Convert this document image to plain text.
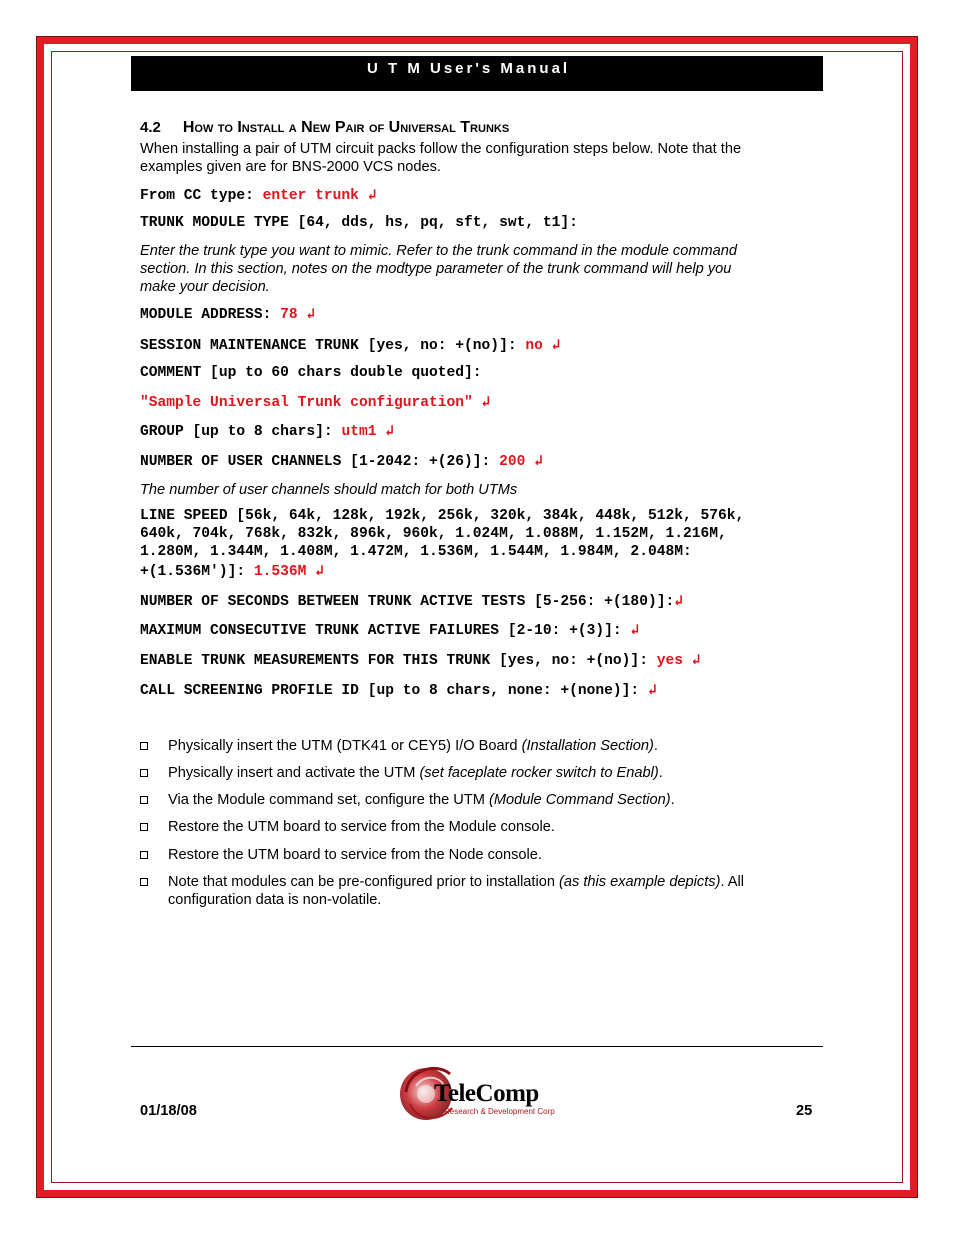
U T M User's Manual
4.2 How to Install a New Pair of Universal Trunks
When installing a pair of UTM circuit packs follow the configuration steps below. Note that the
examples given are for BNS-2000 VCS nodes.
From CC type: enter trunk ↲
TRUNK MODULE TYPE [64, dds, hs, pq, sft, swt, t1]:
Enter the trunk type you want to mimic. Refer to the trunk command in the module command
section. In this section, notes on the modtype parameter of the trunk command will help you
make your decision.
MODULE ADDRESS: 78 ↲
SESSION MAINTENANCE TRUNK [yes, no: +(no)]: no ↲
COMMENT [up to 60 chars double quoted]:
"Sample Universal Trunk configuration" ↲
GROUP [up to 8 chars]: utm1 ↲
NUMBER OF USER CHANNELS [1-2042: +(26)]: 200 ↲
The number of user channels should match for both UTMs
LINE SPEED [56k, 64k, 128k, 192k, 256k, 320k, 384k, 448k, 512k, 576k,
640k, 704k, 768k, 832k, 896k, 960k, 1.024M, 1.088M, 1.152M, 1.216M,
1.280M, 1.344M, 1.408M, 1.472M, 1.536M, 1.544M, 1.984M, 2.048M:
+(1.536M')]: 1.536M ↲
NUMBER OF SECONDS BETWEEN TRUNK ACTIVE TESTS [5-256: +(180)]:↲
MAXIMUM CONSECUTIVE TRUNK ACTIVE FAILURES [2-10: +(3)]: ↲
ENABLE TRUNK MEASUREMENTS FOR THIS TRUNK [yes, no: +(no)]: yes ↲
CALL SCREENING PROFILE ID [up to 8 chars, none: +(none)]: ↲
Physically insert the UTM (DTK41 or CEY5) I/O Board (Installation Section).
Physically insert and activate the UTM (set faceplate rocker switch to Enabl).
Via the Module command set, configure the UTM (Module Command Section).
Restore the UTM board to service from the Module console.
Restore the UTM board to service from the Node console.
Note that modules can be pre-configured prior to installation (as this example depicts). All configuration data is non-volatile.
01/18/08	25
TeleComp
Research & Development Corp
